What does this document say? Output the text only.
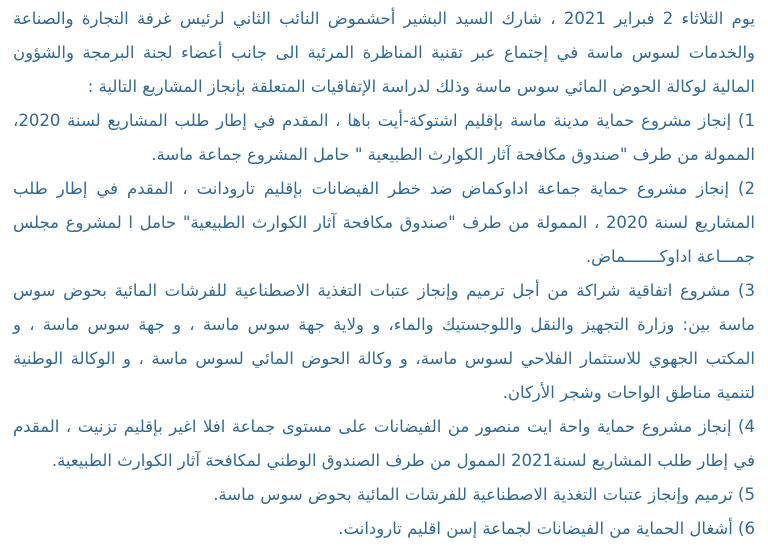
يوم الثلاثاء 2 فبراير 2021 ، شارك السيد البشير أحشموض النائب الثاني لرئيس غرفة التجارة والصناعة والخدمات لسوس ماسة في إجتماع عبر تقنية المناظرة المرئية الى جانب أعضاء لجنة البرمجة والشؤون المالية لوكالة الحوض المائي سوس ماسة وذلك لدراسة الإتفاقيات المتعلقة بإنجاز المشاريع التالية :

1) إنجاز مشروع حماية مدينة ماسة بإقليم اشتوكة-أيت باها ، المقدم في إطار طلب المشاريع لسنة 2020، الممولة من طرف "صندوق مكافحة آثار الكوارث الطبيعية " حامل المشروع جماعة ماسة.

2) إنجاز مشروع حماية جماعة اداوكماض ضد خطر الفيضانات بإقليم تارودانت ، المقدم في إطار طلب المشاريع لسنة 2020 ، الممولة من طرف "صندوق مكافحة آثار الكوارث الطبيعية" حامل ا لمشروع مجلس جمـــاعة اداوكـــــــماض.

3) مشروع اتفاقية شراكة من أجل ترميم وإنجاز عتبات التغذية الاصطناعية للفرشات المائية بحوض سوس ماسة بين: وزارة التجهيز والنقل واللوجستيك والماء، و ولاية جهة سوس ماسة ، و جهة سوس ماسة ، و المكتب الجهوي للاستثمار الفلاحي لسوس ماسة، و وكالة الحوض المائي لسوس ماسة ، و الوكالة الوطنية لتنمية مناطق الواحات وشجر الأركان.

4) إنجاز مشروع حماية واحة ايت منصور من الفيضانات على مستوى جماعة افلا اغير بإقليم تزنيت ، المقدم في إطار طلب المشاريع لسنة2021 الممول من طرف الصندوق الوطني لمكافحة آثار الكوارث الطبيعية.

5) ترميم وإنجاز عتبات التغذية الاصطناعية للفرشات المائية بحوض سوس ماسة.

6) أشغال الحماية من الفيضانات لجماعة إسن اقليم تارودانت.
